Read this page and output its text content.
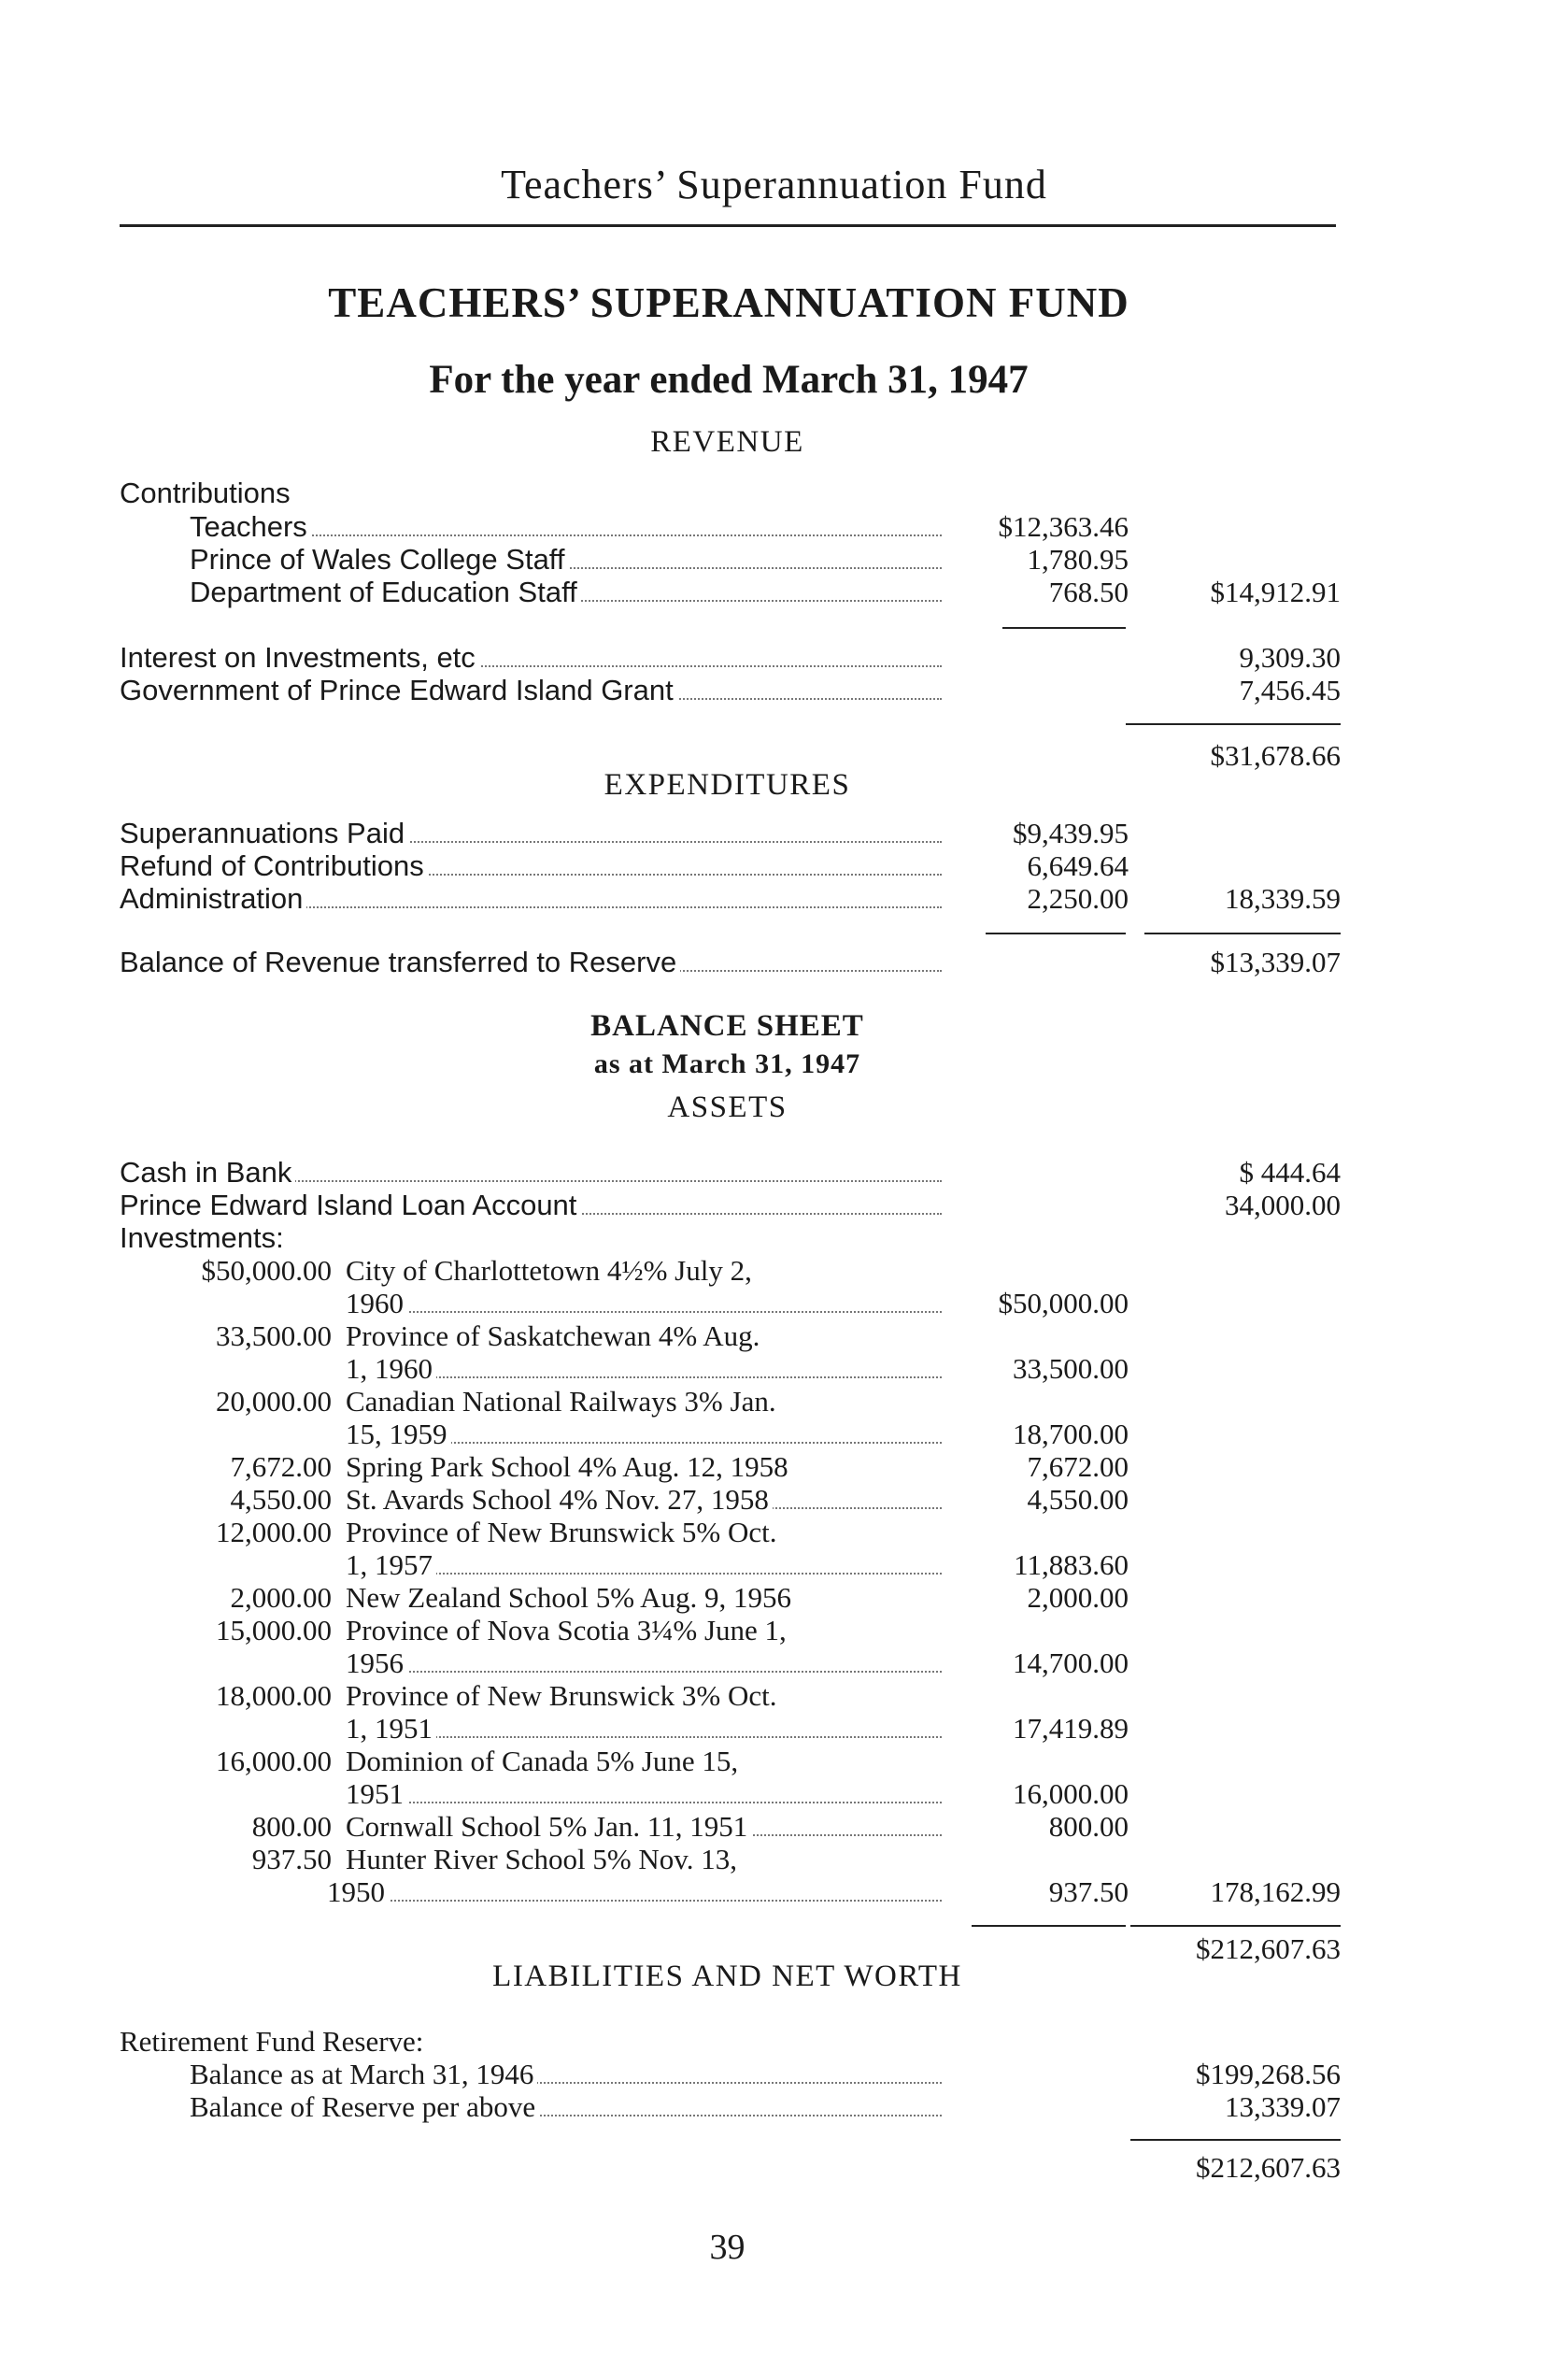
Teachers’ Superannuation Fund
TEACHERS’ SUPERANNUATION FUND
For the year ended March 31, 1947
REVENUE
Contributions
Teachers	$12,363.46
Prince of Wales College Staff	1,780.95
Department of Education Staff	768.50	$14,912.91
Interest on Investments, etc	9,309.30
Government of Prince Edward Island Grant	7,456.45
$31,678.66
EXPENDITURES
Superannuations Paid	$9,439.95
Refund of Contributions	6,649.64
Administration	2,250.00	18,339.59
Balance of Revenue transferred to Reserve	$13,339.07
BALANCE SHEET
as at March 31, 1947
ASSETS
Cash in Bank	$ 444.64
Prince Edward Island Loan Account	34,000.00
Investments:
$50,000.00 City of Charlottetown 4½% July 2,
1960	$50,000.00
33,500.00 Province of Saskatchewan 4% Aug.
1, 1960	33,500.00
20,000.00 Canadian National Railways 3% Jan.
15, 1959	18,700.00
7,672.00 Spring Park School 4% Aug. 12, 1958	7,672.00
4,550.00 St. Avards School 4% Nov. 27, 1958	4,550.00
12,000.00 Province of New Brunswick 5% Oct.
1, 1957	11,883.60
2,000.00 New Zealand School 5% Aug. 9, 1956	2,000.00
15,000.00 Province of Nova Scotia 3¼% June 1,
1956	14,700.00
18,000.00 Province of New Brunswick 3% Oct.
1, 1951	17,419.89
16,000.00 Dominion of Canada 5% June 15,
1951	16,000.00
800.00 Cornwall School 5% Jan. 11, 1951	800.00
937.50 Hunter River School 5% Nov. 13,
1950	937.50	178,162.99
$212,607.63
LIABILITIES AND NET WORTH
Retirement Fund Reserve:
Balance as at March 31, 1946	$199,268.56
Balance of Reserve per above	13,339.07
$212,607.63
39
